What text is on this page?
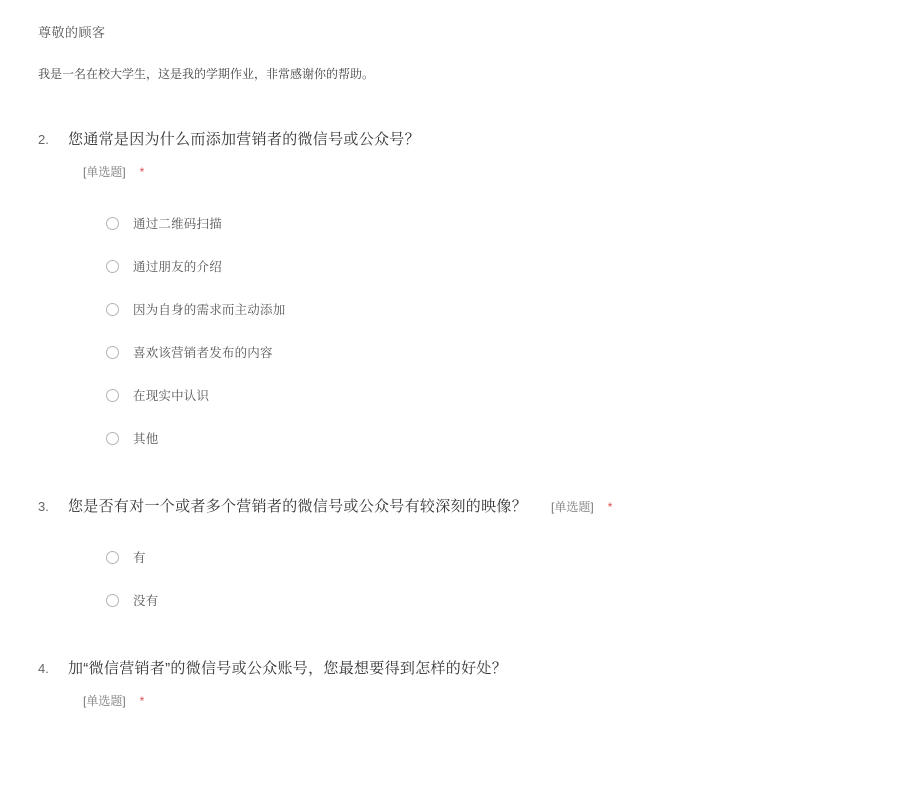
尊敬的顾客
我是一名在校大学生，这是我的学期作业，非常感谢你的帮助。
2.	您通常是因为什么而添加营销者的微信号或公众号？
[单选题] *
通过二维码扫描
通过朋友的介绍
因为自身的需求而主动添加
喜欢该营销者发布的内容
在现实中认识
其他
3.	您是否有对一个或者多个营销者的微信号或公众号有较深刻的映像？ [单选题] *
有
没有
4.	加“微信营销者”的微信号或公众账号，您最想要得到怎样的好处？
[单选题] *
